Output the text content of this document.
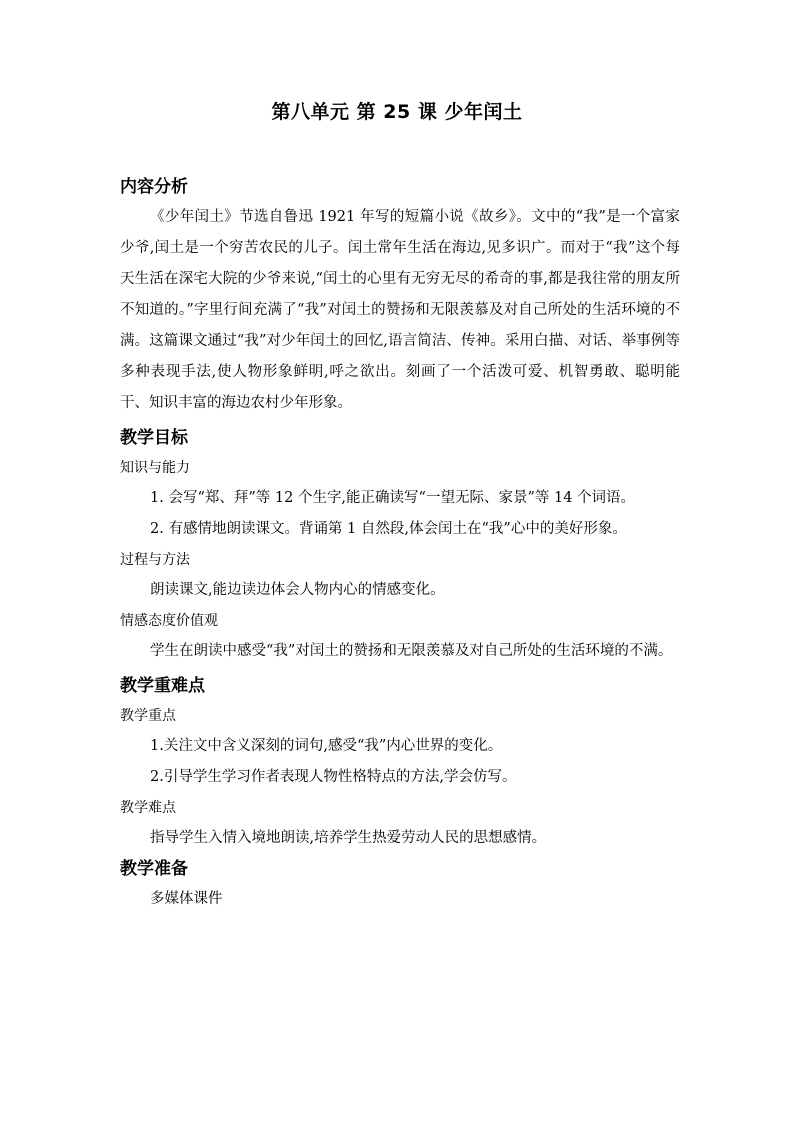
第八单元 第 25 课 少年闰土
内容分析

《少年闰土》节选自鲁迅 1921 年写的短篇小说《故乡》。文中的“我”是一个富家少爷,闰土是一个穷苦农民的儿子。闰土常年生活在海边,见多识广。而对于“我”这个每天生活在深宅大院的少爷来说,“闰土的心里有无穷无尽的希奇的事,都是我往常的朋友所不知道的。”字里行间充满了“我”对闰土的赞扬和无限羡慕及对自己所处的生活环境的不满。这篇课文通过“我”对少年闰土的回忆,语言简洁、传神。采用白描、对话、举事例等多种表现手法,使人物形象鲜明,呼之欲出。刻画了一个活泼可爱、机智勇敢、聪明能干、知识丰富的海边农村少年形象。

教学目标
知识与能力

1. 会写“郑、拜”等 12 个生字,能正确读写“一望无际、家景”等 14 个词语。

2. 有感情地朗读课文。背诵第 1 自然段,体会闰土在“我”心中的美好形象。

过程与方法

朗读课文,能边读边体会人物内心的情感变化。

情感态度价值观

学生在朗读中感受“我”对闰土的赞扬和无限羡慕及对自己所处的生活环境的不满。

教学重难点
教学重点

1.关注文中含义深刻的词句,感受“我”内心世界的变化。

2.引导学生学习作者表现人物性格特点的方法,学会仿写。

教学难点

指导学生入情入境地朗读,培养学生热爱劳动人民的思想感情。

教学准备

多媒体课件
